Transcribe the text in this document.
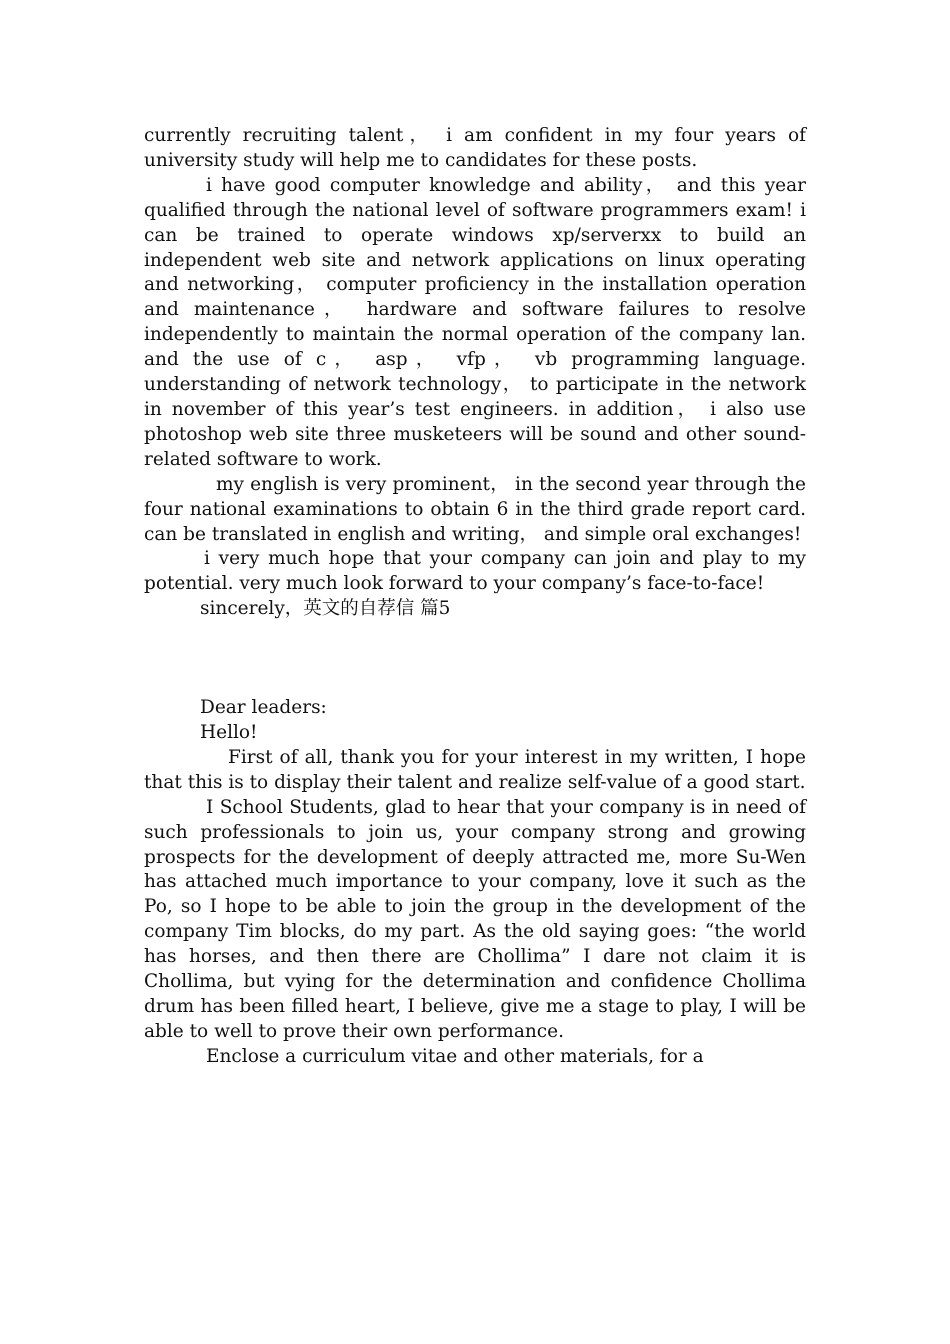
currently recruiting talent， i am confident in my four years of university study will help me to candidates for these posts.

i have good computer knowledge and ability， and this year qualified through the national level of software programmers exam! i can be trained to operate windows xp/serverxx to build an independent web site and network applications on linux operating and networking， computer proficiency in the installation operation and maintenance， hardware and software failures to resolve independently to maintain the normal operation of the company lan. and the use of c， asp， vfp， vb programming language. understanding of network technology， to participate in the network in november of this year’s test engineers. in addition， i also use photoshop web site three musketeers will be sound and other sound-related software to work.

my english is very prominent， in the second year through the four national examinations to obtain 6 in the third grade report card. can be translated in english and writing， and simple oral exchanges!

i very much hope that your company can join and play to my potential. very much look forward to your company’s face-to-face!

sincerely，英文的自荐信 篇5

Dear leaders:

Hello!

First of all, thank you for your interest in my written, I hope that this is to display their talent and realize self-value of a good start.

I School Students, glad to hear that your company is in need of such professionals to join us, your company strong and growing prospects for the development of deeply attracted me, more Su-Wen has attached much importance to your company, love it such as the Po, so I hope to be able to join the group in the development of the company Tim blocks, do my part. As the old saying goes: “the world has horses, and then there are Chollima” I dare not claim it is Chollima, but vying for the determination and confidence Chollima drum has been filled heart, I believe, give me a stage to play, I will be able to well to prove their own performance.

Enclose a curriculum vitae and other materials, for a
